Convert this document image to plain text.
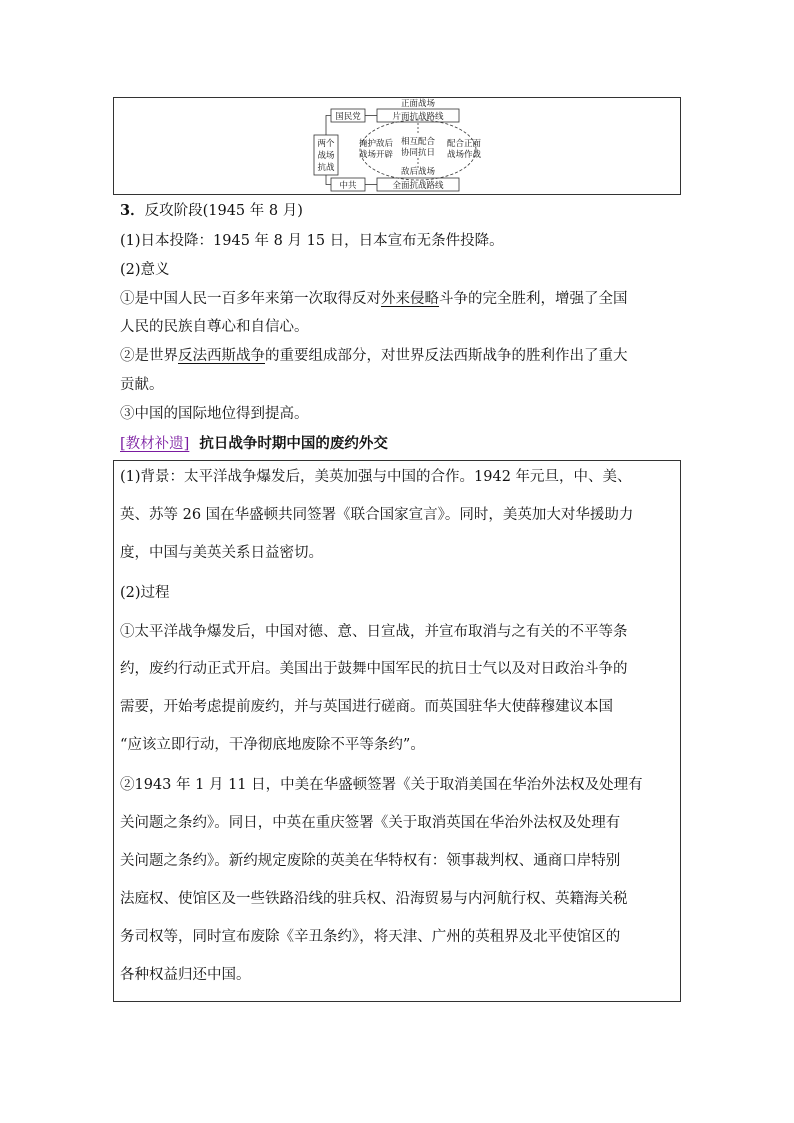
正面战场
国民党	片面抗战路线
两个
战场
抗战
掩护敌后
战场开辟
相互配合
协同抗日
配合正面
战场作战
敌后战场
中共	全面抗战路线
3．反攻阶段(1945 年 8 月)
(1)日本投降：1945 年 8 月 15 日，日本宣布无条件投降。
(2)意义
①是中国人民一百多年来第一次取得反对外来侵略斗争的完全胜利，增强了全国
人民的民族自尊心和自信心。
②是世界反法西斯战争的重要组成部分，对世界反法西斯战争的胜利作出了重大
贡献。
③中国的国际地位得到提高。
[教材补遗] 抗日战争时期中国的废约外交
(1)背景：太平洋战争爆发后，美英加强与中国的合作。1942 年元旦，中、美、
英、苏等 26 国在华盛顿共同签署《联合国家宣言》。同时，美英加大对华援助力
度，中国与美英关系日益密切。
(2)过程
①太平洋战争爆发后，中国对德、意、日宣战，并宣布取消与之有关的不平等条
约，废约行动正式开启。美国出于鼓舞中国军民的抗日士气以及对日政治斗争的
需要，开始考虑提前废约，并与英国进行磋商。而英国驻华大使薛穆建议本国
“应该立即行动，干净彻底地废除不平等条约”。
②1943 年 1 月 11 日，中美在华盛顿签署《关于取消美国在华治外法权及处理有
关问题之条约》。同日，中英在重庆签署《关于取消英国在华治外法权及处理有
关问题之条约》。新约规定废除的英美在华特权有：领事裁判权、通商口岸特别
法庭权、使馆区及一些铁路沿线的驻兵权、沿海贸易与内河航行权、英籍海关税
务司权等，同时宣布废除《辛丑条约》，将天津、广州的英租界及北平使馆区的
各种权益归还中国。
